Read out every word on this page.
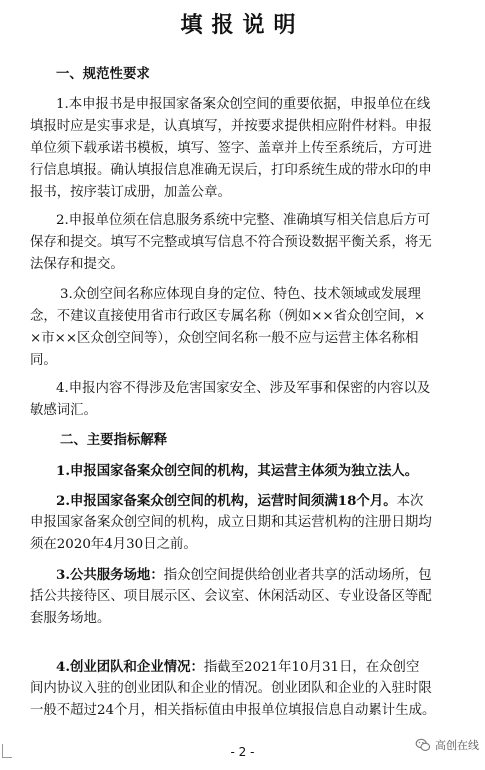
填报说明
一、规范性要求
1.本申报书是申报国家备案众创空间的重要依据，申报单位在线
填报时应是实事求是，认真填写，并按要求提供相应附件材料。申报
单位须下载承诺书模板，填写、签字、盖章并上传至系统后，方可进
行信息填报。确认填报信息准确无误后，打印系统生成的带水印的申
报书，按序装订成册，加盖公章。
2.申报单位须在信息服务系统中完整、准确填写相关信息后方可
保存和提交。填写不完整或填写信息不符合预设数据平衡关系，将无
法保存和提交。
3.众创空间名称应体现自身的定位、特色、技术领域或发展理
念，不建议直接使用省市行政区专属名称（例如××省众创空间，×
×市××区众创空间等），众创空间名称一般不应与运营主体名称相
同。
4.申报内容不得涉及危害国家安全、涉及军事和保密的内容以及
敏感词汇。
二、主要指标解释
1.申报国家备案众创空间的机构，其运营主体须为独立法人。
2.申报国家备案众创空间的机构，运营时间须满18个月。本次
申报国家备案众创空间的机构，成立日期和其运营机构的注册日期均
须在2020年4月30日之前。
3.公共服务场地：指众创空间提供给创业者共享的活动场所，包
括公共接待区、项目展示区、会议室、休闲活动区、专业设备区等配
套服务场地。
4.创业团队和企业情况：指截至2021年10月31日，在众创空
间内协议入驻的创业团队和企业的情况。创业团队和企业的入驻时限
一般不超过24个月，相关指标值由申报单位填报信息自动累计生成。
- 2 -	高创在线
